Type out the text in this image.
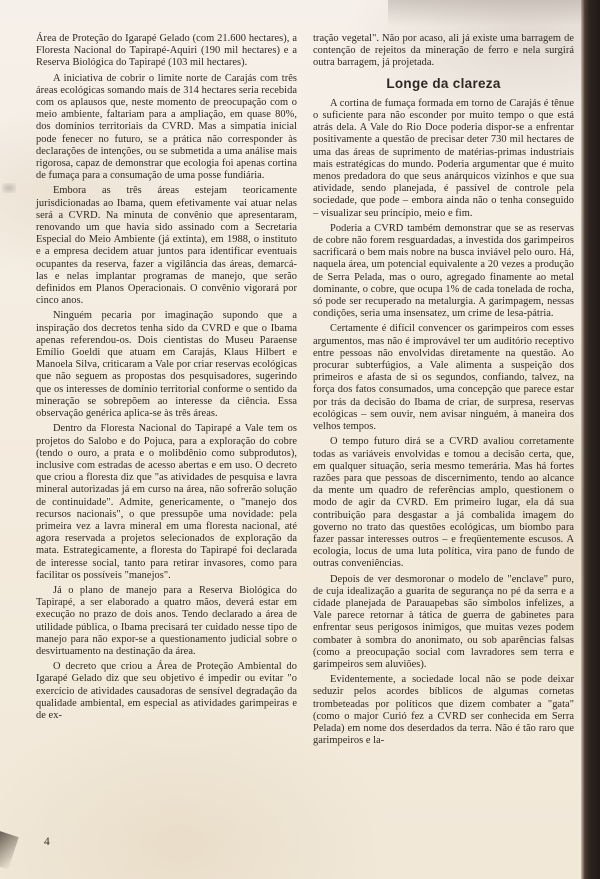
Área de Proteção do Igarapé Gelado (com 21.600 hectares), a Floresta Nacional do Tapirapé-Aquiri (190 mil hectares) e a Reserva Biológica do Tapirapé (103 mil hectares).

A iniciativa de cobrir o limite norte de Carajás com três áreas ecológicas somando mais de 314 hectares seria recebida com os aplausos que, neste momento de preocupação com o meio ambiente, faltariam para a ampliação, em quase 80%, dos domínios territoriais da CVRD. Mas a simpatia inicial pode fenecer no futuro, se a prática não corresponder às declarações de intenções, ou se submetida a uma análise mais rigorosa, capaz de demonstrar que ecologia foi apenas cortina de fumaça para a consumação de uma posse fundiária.

Embora as três áreas estejam teoricamente jurisdicionadas ao Ibama, quem efetivamente vai atuar nelas será a CVRD. Na minuta de convênio que apresentaram, renovando um que havia sido assinado com a Secretaria Especial do Meio Ambiente (já extinta), em 1988, o instituto e a empresa decidem atuar juntos para identificar eventuais ocupantes da reserva, fazer a vigilância das áreas, demarcá-las e nelas implantar programas de manejo, que serão definidos em Planos Operacionais. O convênio vigorará por cinco anos.

Ninguém pecaria por imaginação supondo que a inspiração dos decretos tenha sido da CVRD e que o Ibama apenas referendou-os. Dois cientistas do Museu Paraense Emílio Goeldi que atuam em Carajás, Klaus Hilbert e Manoela Silva, criticaram a Vale por criar reservas ecológicas que não seguem as propostas dos pesquisadores, sugerindo que os interesses de domínio territorial conforme o sentido da mineração se sobrepõem ao interesse da ciência. Essa observação genérica aplica-se às três áreas.

Dentro da Floresta Nacional do Tapirapé a Vale tem os projetos do Salobo e do Pojuca, para a exploração do cobre (tendo o ouro, a prata e o molibdênio como subprodutos), inclusive com estradas de acesso abertas e em uso. O decreto que criou a floresta diz que "as atividades de pesquisa e lavra mineral autorizadas já em curso na área, não sofrerão solução de continuidade". Admite, genericamente, o "manejo dos recursos nacionais", o que pressupõe uma novidade: pela primeira vez a lavra mineral em uma floresta nacional, até agora reservada a projetos selecionados de exploração da mata. Estrategicamente, a floresta do Tapirapé foi declarada de interesse social, tanto para retirar invasores, como para facilitar os possíveis "manejos".

Já o plano de manejo para a Reserva Biológica do Tapirapé, a ser elaborado a quatro mãos, deverá estar em execução no prazo de dois anos. Tendo declarado a área de utilidade pública, o Ibama precisará ter cuidado nesse tipo de manejo para não expor-se a questionamento judicial sobre o desvirtuamento na destinação da área.

O decreto que criou a Área de Proteção Ambiental do Igarapé Gelado diz que seu objetivo é impedir ou evitar "o exercício de atividades causadoras de sensível degradação da qualidade ambiental, em especial as atividades garimpeiras e de ex-

tração vegetal". Não por acaso, ali já existe uma barragem de contenção de rejeitos da mineração de ferro e nela surgirá outra barragem, já projetada.

Longe da clareza

A cortina de fumaça formada em torno de Carajás é tênue o suficiente para não esconder por muito tempo o que está atrás dela. A Vale do Rio Doce poderia dispor-se a enfrentar positivamente a questão de precisar deter 730 mil hectares de uma das áreas de suprimento de matérias-primas industriais mais estratégicas do mundo. Poderia argumentar que é muito menos predadora do que seus anárquicos vizinhos e que sua atividade, sendo planejada, é passível de controle pela sociedade, que pode – embora ainda não o tenha conseguido – visualizar seu princípio, meio e fim.

Poderia a CVRD também demonstrar que se as reservas de cobre não forem resguardadas, a investida dos garimpeiros sacrificará o bem mais nobre na busca inviável pelo ouro. Há, naquela área, um potencial equivalente a 20 vezes a produção de Serra Pelada, mas o ouro, agregado finamente ao metal dominante, o cobre, que ocupa 1% de cada tonelada de rocha, só pode ser recuperado na metalurgia. A garimpagem, nessas condições, seria uma insensatez, um crime de lesa-pátria.

Certamente é difícil convencer os garimpeiros com esses argumentos, mas não é improvável ter um auditório receptivo entre pessoas não envolvidas diretamente na questão. Ao procurar subterfúgios, a Vale alimenta a suspeição dos primeiros e afasta de si os segundos, confiando, talvez, na força dos fatos consumados, uma concepção que parece estar por trás da decisão do Ibama de criar, de surpresa, reservas ecológicas – sem ouvir, nem avisar ninguém, à maneira dos velhos tempos.

O tempo futuro dirá se a CVRD avaliou corretamente todas as variáveis envolvidas e tomou a decisão certa, que, em qualquer situação, seria mesmo temerária. Mas há fortes razões para que pessoas de discernimento, tendo ao alcance da mente um quadro de referências amplo, questionem o modo de agir da CVRD. Em primeiro lugar, ela dá sua contribuição para desgastar a já combalida imagem do governo no trato das questões ecológicas, um biombo para fazer passar interesses outros – e freqüentemente escusos. A ecologia, locus de uma luta política, vira pano de fundo de outras conveniências.

Depois de ver desmoronar o modelo de "enclave" puro, de cuja idealização a guarita de segurança no pé da serra e a cidade planejada de Parauapebas são símbolos infelizes, a Vale parece retornar à tática de guerra de gabinetes para enfrentar seus perigosos inimigos, que muitas vezes podem combater à sombra do anonimato, ou sob aparências falsas (como a preocupação social com lavradores sem terra e garimpeiros sem aluviões).

Evidentemente, a sociedade local não se pode deixar seduzir pelos acordes bíblicos de algumas cornetas trombeteadas por políticos que dizem combater a "gata" (como o major Curió fez a CVRD ser conhecida em Serra Pelada) em nome dos deserdados da terra. Não é tão raro que garimpeiros e la-

4
